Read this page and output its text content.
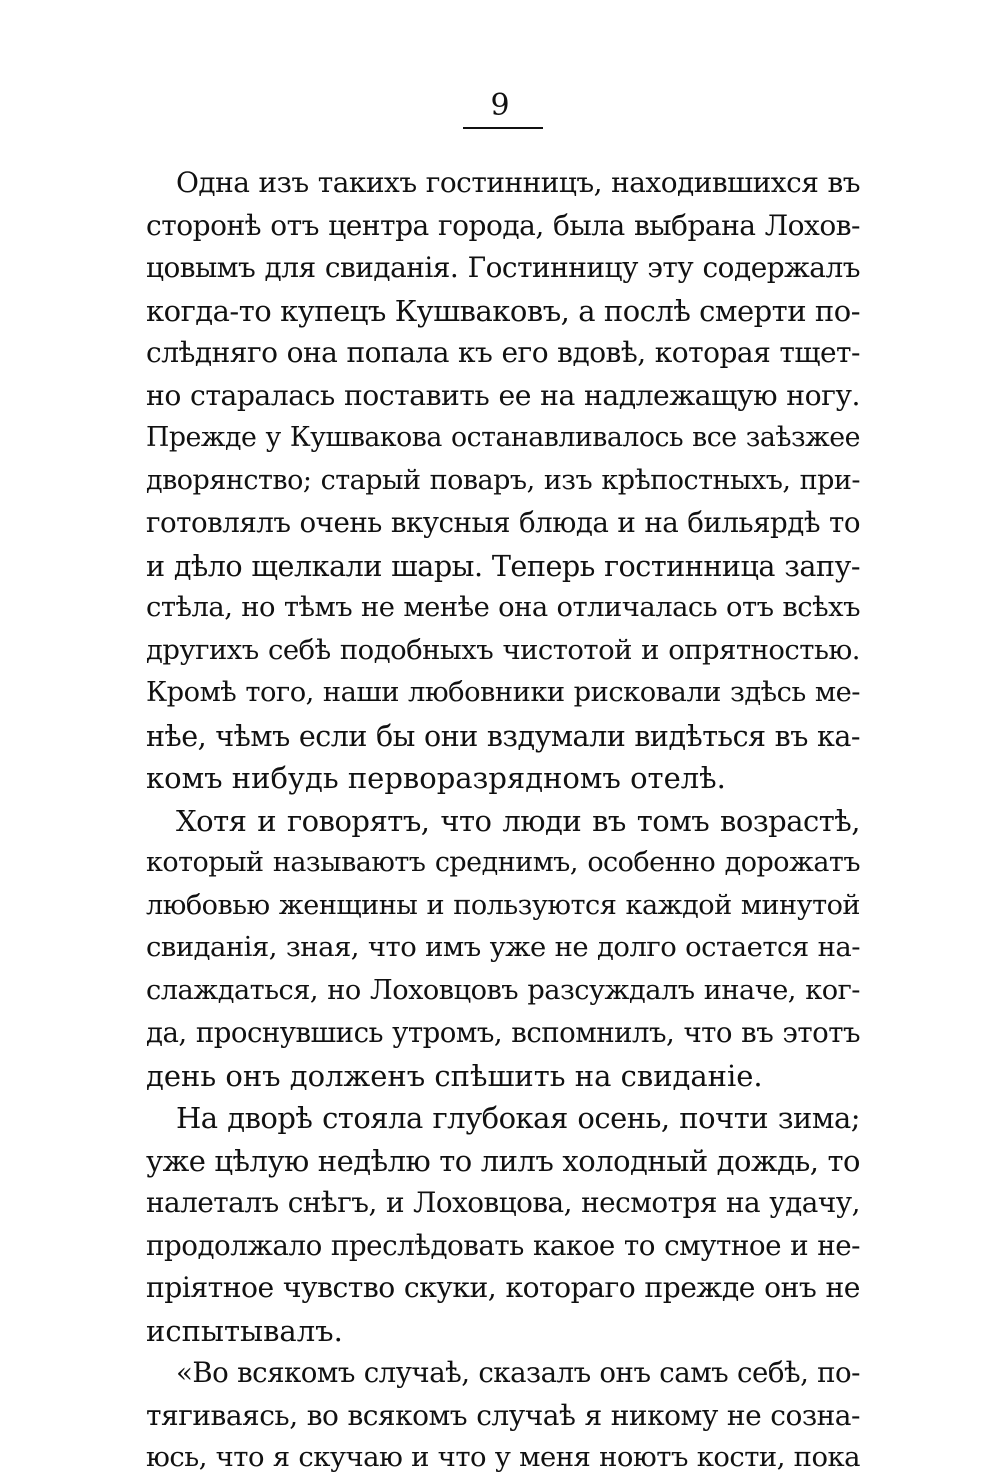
9
Одна изъ такихъ гостинницъ, находившихся въ
сторонѣ отъ центра города, была выбрана Лохов-
цовымъ для свиданія. Гостинницу эту содержалъ
когда-то купецъ Кушваковъ, а послѣ смерти по-
слѣдняго она попала къ его вдовѣ, которая тщет-
но старалась поставить ее на надлежащую ногу.
Прежде у Кушвакова останавливалось все заѣзжее
дворянство; старый поваръ, изъ крѣпостныхъ, при-
готовлялъ очень вкусныя блюда и на бильярдѣ то
и дѣло щелкали шары. Теперь гостинница запу-
стѣла, но тѣмъ не менѣе она отличалась отъ всѣхъ
другихъ себѣ подобныхъ чистотой и опрятностью.
Кромѣ того, наши любовники рисковали здѣсь ме-
нѣе, чѣмъ если бы они вздумали видѣться въ ка-
комъ нибудь перворазрядномъ отелѣ.
Хотя и говорятъ, что люди въ томъ возрастѣ,
который называютъ среднимъ, особенно дорожатъ
любовью женщины и пользуются каждой минутой
свиданія, зная, что имъ уже не долго остается на-
слаждаться, но Лоховцовъ разсуждалъ иначе, ког-
да, проснувшись утромъ, вспомнилъ, что въ этотъ
день онъ долженъ спѣшить на свиданіе.
На дворѣ стояла глубокая осень, почти зима;
уже цѣлую недѣлю то лилъ холодный дождь, то
налеталъ снѣгъ, и Лоховцова, несмотря на удачу,
продолжало преслѣдовать какое то смутное и не-
пріятное чувство скуки, котораго прежде онъ не
испытывалъ.
«Во всякомъ случаѣ, сказалъ онъ самъ себѣ, по-
тягиваясь, во всякомъ случаѣ я никому не созна-
юсь, что я скучаю и что у меня ноютъ кости, пока
